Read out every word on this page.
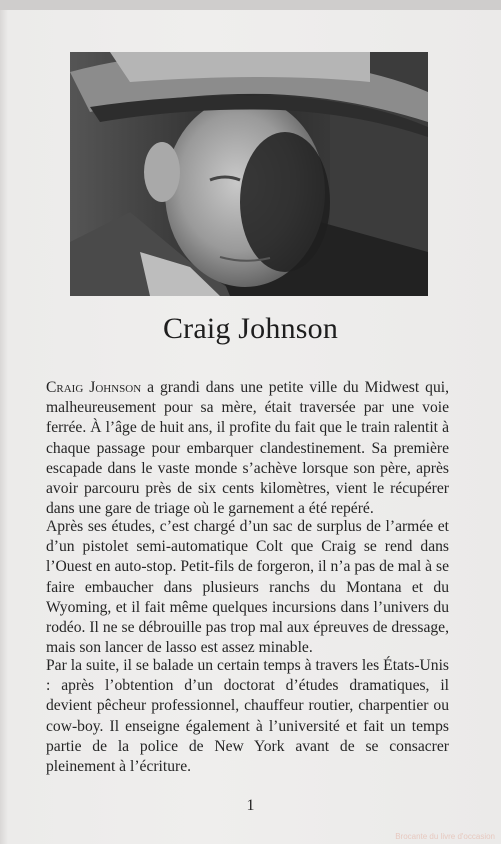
Craig Johnson

Craig Johnson a grandi dans une petite ville du Midwest qui, malheureusement pour sa mère, était traversée par une voie ferrée. À l’âge de huit ans, il profite du fait que le train ralentit à chaque passage pour embarquer clandestinement. Sa première escapade dans le vaste monde s’achève lorsque son père, après avoir parcouru près de six cents kilomètres, vient le récupérer dans une gare de triage où le garnement a été repéré.

Après ses études, c’est chargé d’un sac de surplus de l’armée et d’un pistolet semi-automatique Colt que Craig se rend dans l’Ouest en auto-stop. Petit-fils de forgeron, il n’a pas de mal à se faire embaucher dans plusieurs ranchs du Montana et du Wyoming, et il fait même quelques incursions dans l’univers du rodéo. Il ne se débrouille pas trop mal aux épreuves de dressage, mais son lancer de lasso est assez minable.

Par la suite, il se balade un certain temps à travers les États-Unis : après l’obtention d’un doctorat d’études dramatiques, il devient pêcheur professionnel, chauffeur routier, charpentier ou cow-boy. Il enseigne également à l’université et fait un temps partie de la police de New York avant de se consacrer pleinement à l’écriture.

1
Brocante du livre d'occasion
